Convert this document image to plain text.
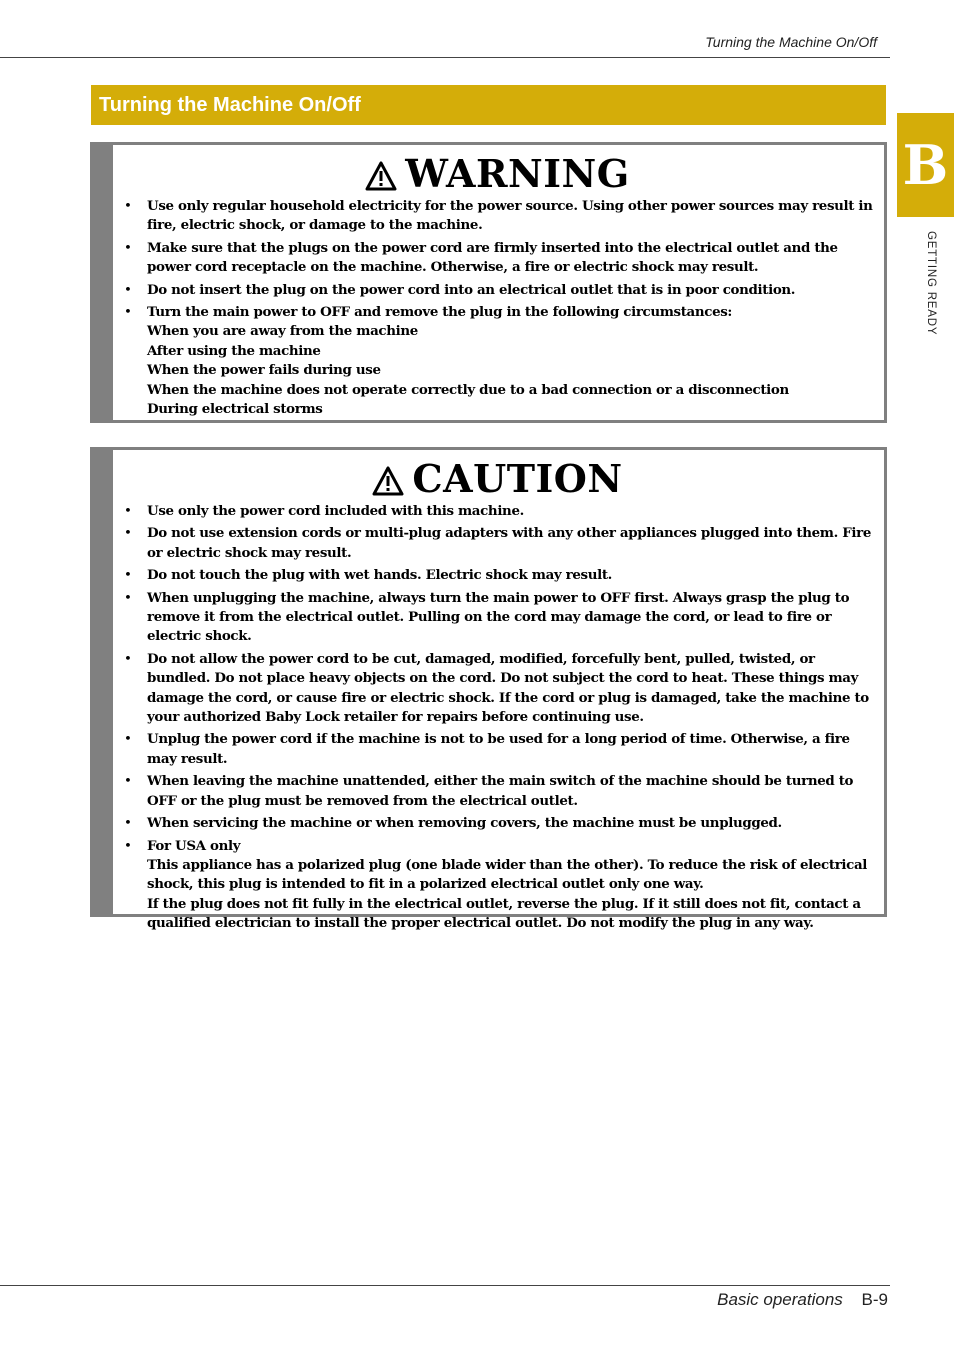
Turning the Machine On/Off
Turning the Machine On/Off
B
GETTING READY
WARNING
• Use only regular household electricity for the power source. Using other power sources may result in fire, electric shock, or damage to the machine.
• Make sure that the plugs on the power cord are firmly inserted into the electrical outlet and the power cord receptacle on the machine. Otherwise, a fire or electric shock may result.
• Do not insert the plug on the power cord into an electrical outlet that is in poor condition.
• Turn the main power to OFF and remove the plug in the following circumstances:
When you are away from the machine
After using the machine
When the power fails during use
When the machine does not operate correctly due to a bad connection or a disconnection
During electrical storms
CAUTION
• Use only the power cord included with this machine.
• Do not use extension cords or multi-plug adapters with any other appliances plugged into them. Fire or electric shock may result.
• Do not touch the plug with wet hands. Electric shock may result.
• When unplugging the machine, always turn the main power to OFF first. Always grasp the plug to remove it from the electrical outlet. Pulling on the cord may damage the cord, or lead to fire or electric shock.
• Do not allow the power cord to be cut, damaged, modified, forcefully bent, pulled, twisted, or bundled. Do not place heavy objects on the cord. Do not subject the cord to heat. These things may damage the cord, or cause fire or electric shock. If the cord or plug is damaged, take the machine to your authorized Baby Lock retailer for repairs before continuing use.
• Unplug the power cord if the machine is not to be used for a long period of time. Otherwise, a fire may result.
• When leaving the machine unattended, either the main switch of the machine should be turned to OFF or the plug must be removed from the electrical outlet.
• When servicing the machine or when removing covers, the machine must be unplugged.
• For USA only
This appliance has a polarized plug (one blade wider than the other). To reduce the risk of electrical shock, this plug is intended to fit in a polarized electrical outlet only one way.
If the plug does not fit fully in the electrical outlet, reverse the plug. If it still does not fit, contact a qualified electrician to install the proper electrical outlet. Do not modify the plug in any way.
Basic operations B-9
